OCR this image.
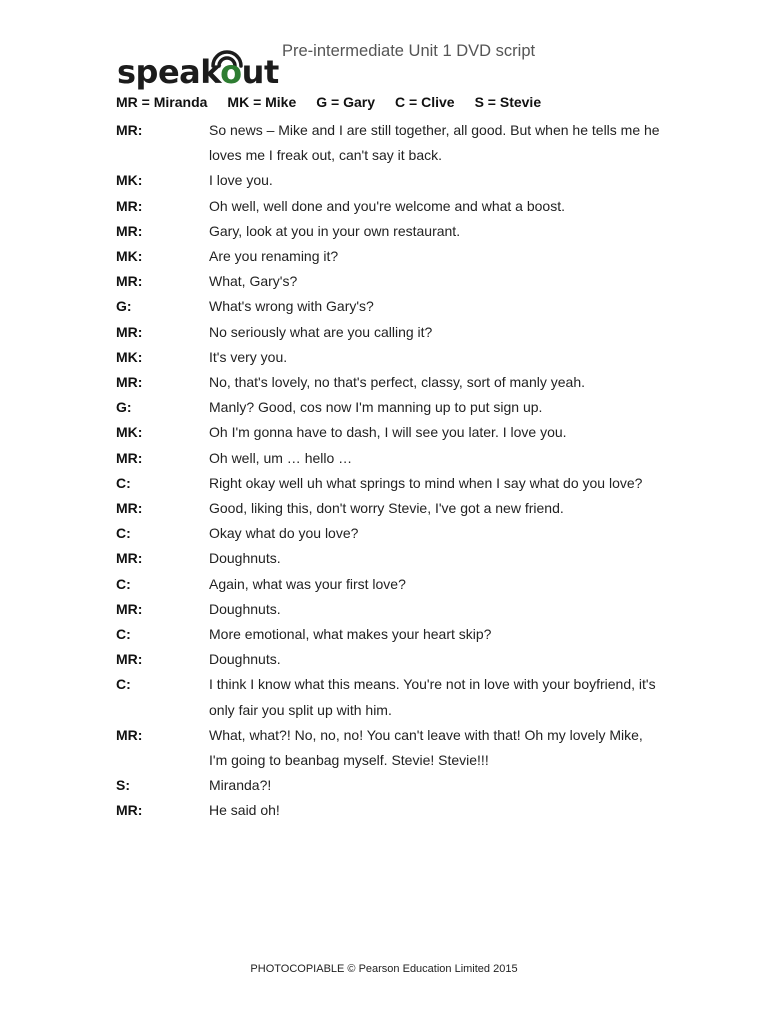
speakout
Pre-intermediate Unit 1 DVD script
MR = Miranda MK = Mike G = Gary C = Clive S = Stevie
MR:	So news – Mike and I are still together, all good. But when he tells me he loves me I freak out, can't say it back.
MK:	I love you.
MR:	Oh well, well done and you're welcome and what a boost.
MR:	Gary, look at you in your own restaurant.
MK:	Are you renaming it?
MR:	What, Gary's?
G:	What's wrong with Gary's?
MR:	No seriously what are you calling it?
MK:	It's very you.
MR:	No, that's lovely, no that's perfect, classy, sort of manly yeah.
G:	Manly? Good, cos now I'm manning up to put sign up.
MK:	Oh I'm gonna have to dash, I will see you later. I love you.
MR:	Oh well, um … hello …
C:	Right okay well uh what springs to mind when I say what do you love?
MR:	Good, liking this, don't worry Stevie, I've got a new friend.
C:	Okay what do you love?
MR:	Doughnuts.
C:	Again, what was your first love?
MR:	Doughnuts.
C:	More emotional, what makes your heart skip?
MR:	Doughnuts.
C:	I think I know what this means. You're not in love with your boyfriend, it's only fair you split up with him.
MR:	What, what?! No, no, no! You can't leave with that! Oh my lovely Mike, I'm going to beanbag myself. Stevie! Stevie!!!
S:	Miranda?!
MR:	He said oh!
PHOTOCOPIABLE © Pearson Education Limited 2015
